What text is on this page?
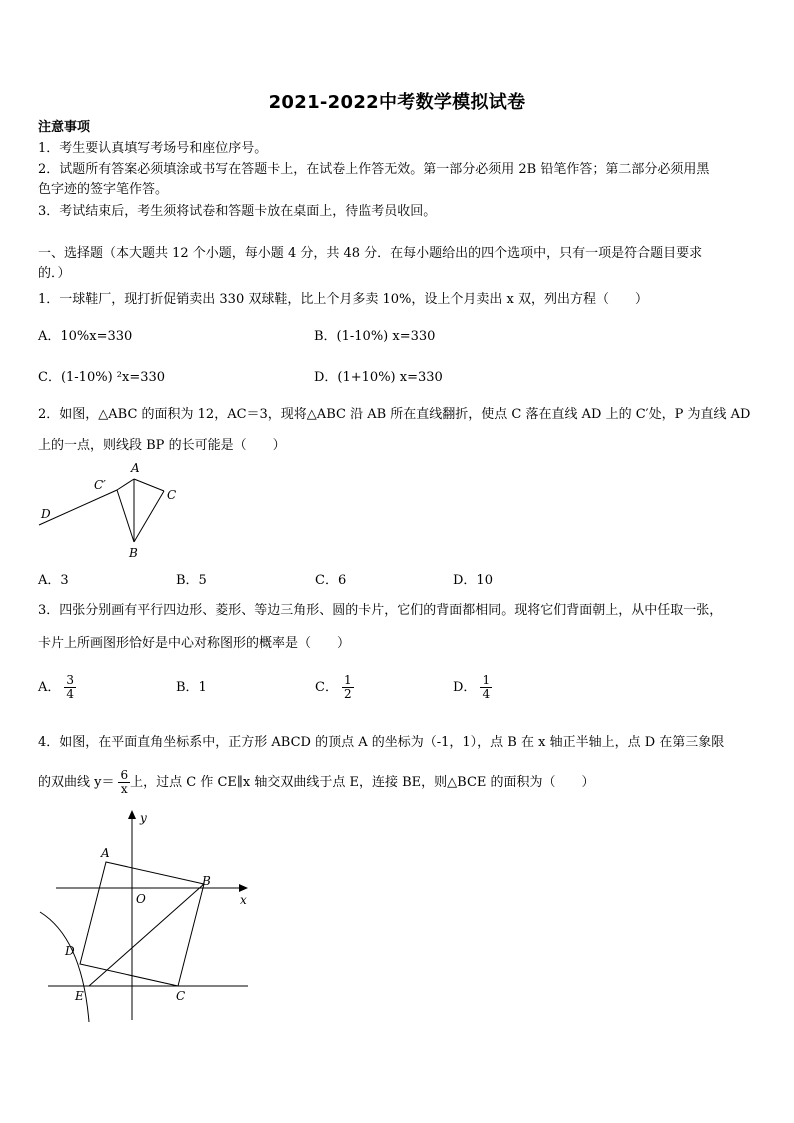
2021-2022中考数学模拟试卷
注意事项
1．考生要认真填写考场号和座位序号。
2．试题所有答案必须填涂或书写在答题卡上，在试卷上作答无效。第一部分必须用 2B 铅笔作答；第二部分必须用黑
色字迹的签字笔作答。
3．考试结束后，考生须将试卷和答题卡放在桌面上，待监考员收回。
一、选择题（本大题共 12 个小题，每小题 4 分，共 48 分．在每小题给出的四个选项中，只有一项是符合题目要求
的．）
1．一球鞋厂，现打折促销卖出 330 双球鞋，比上个月多卖 10%，设上个月卖出 x 双，列出方程（　　）
A．10%x=330	B．(1-10%) x=330
C．(1-10%) ²x=330	D．(1+10%) x=330
2．如图，△ABC 的面积为 12，AC＝3，现将△ABC 沿 AB 所在直线翻折，使点 C 落在直线 AD 上的 C′处，P 为直线 AD
上的一点，则线段 BP 的长可能是（　　）
A
C′
C
D
B
A．3	B．5	C．6	D．10
3．四张分别画有平行四边形、菱形、等边三角形、圆的卡片，它们的背面都相同。现将它们背面朝上，从中任取一张，
卡片上所画图形恰好是中心对称图形的概率是（　　）
A． $\frac{3}{4}$	B．1	C． $\frac{1}{2}$	D． $\frac{1}{4}$
4．如图，在平面直角坐标系中，正方形 ABCD 的顶点 A 的坐标为（-1，1），点 B 在 x 轴正半轴上，点 D 在第三象限
的双曲线 $y= \frac{6}{x}$ 上，过点 C 作 CE∥x 轴交双曲线于点 E，连接 BE，则△BCE 的面积为（　　）
y
x
O
A
B
C
D
E
